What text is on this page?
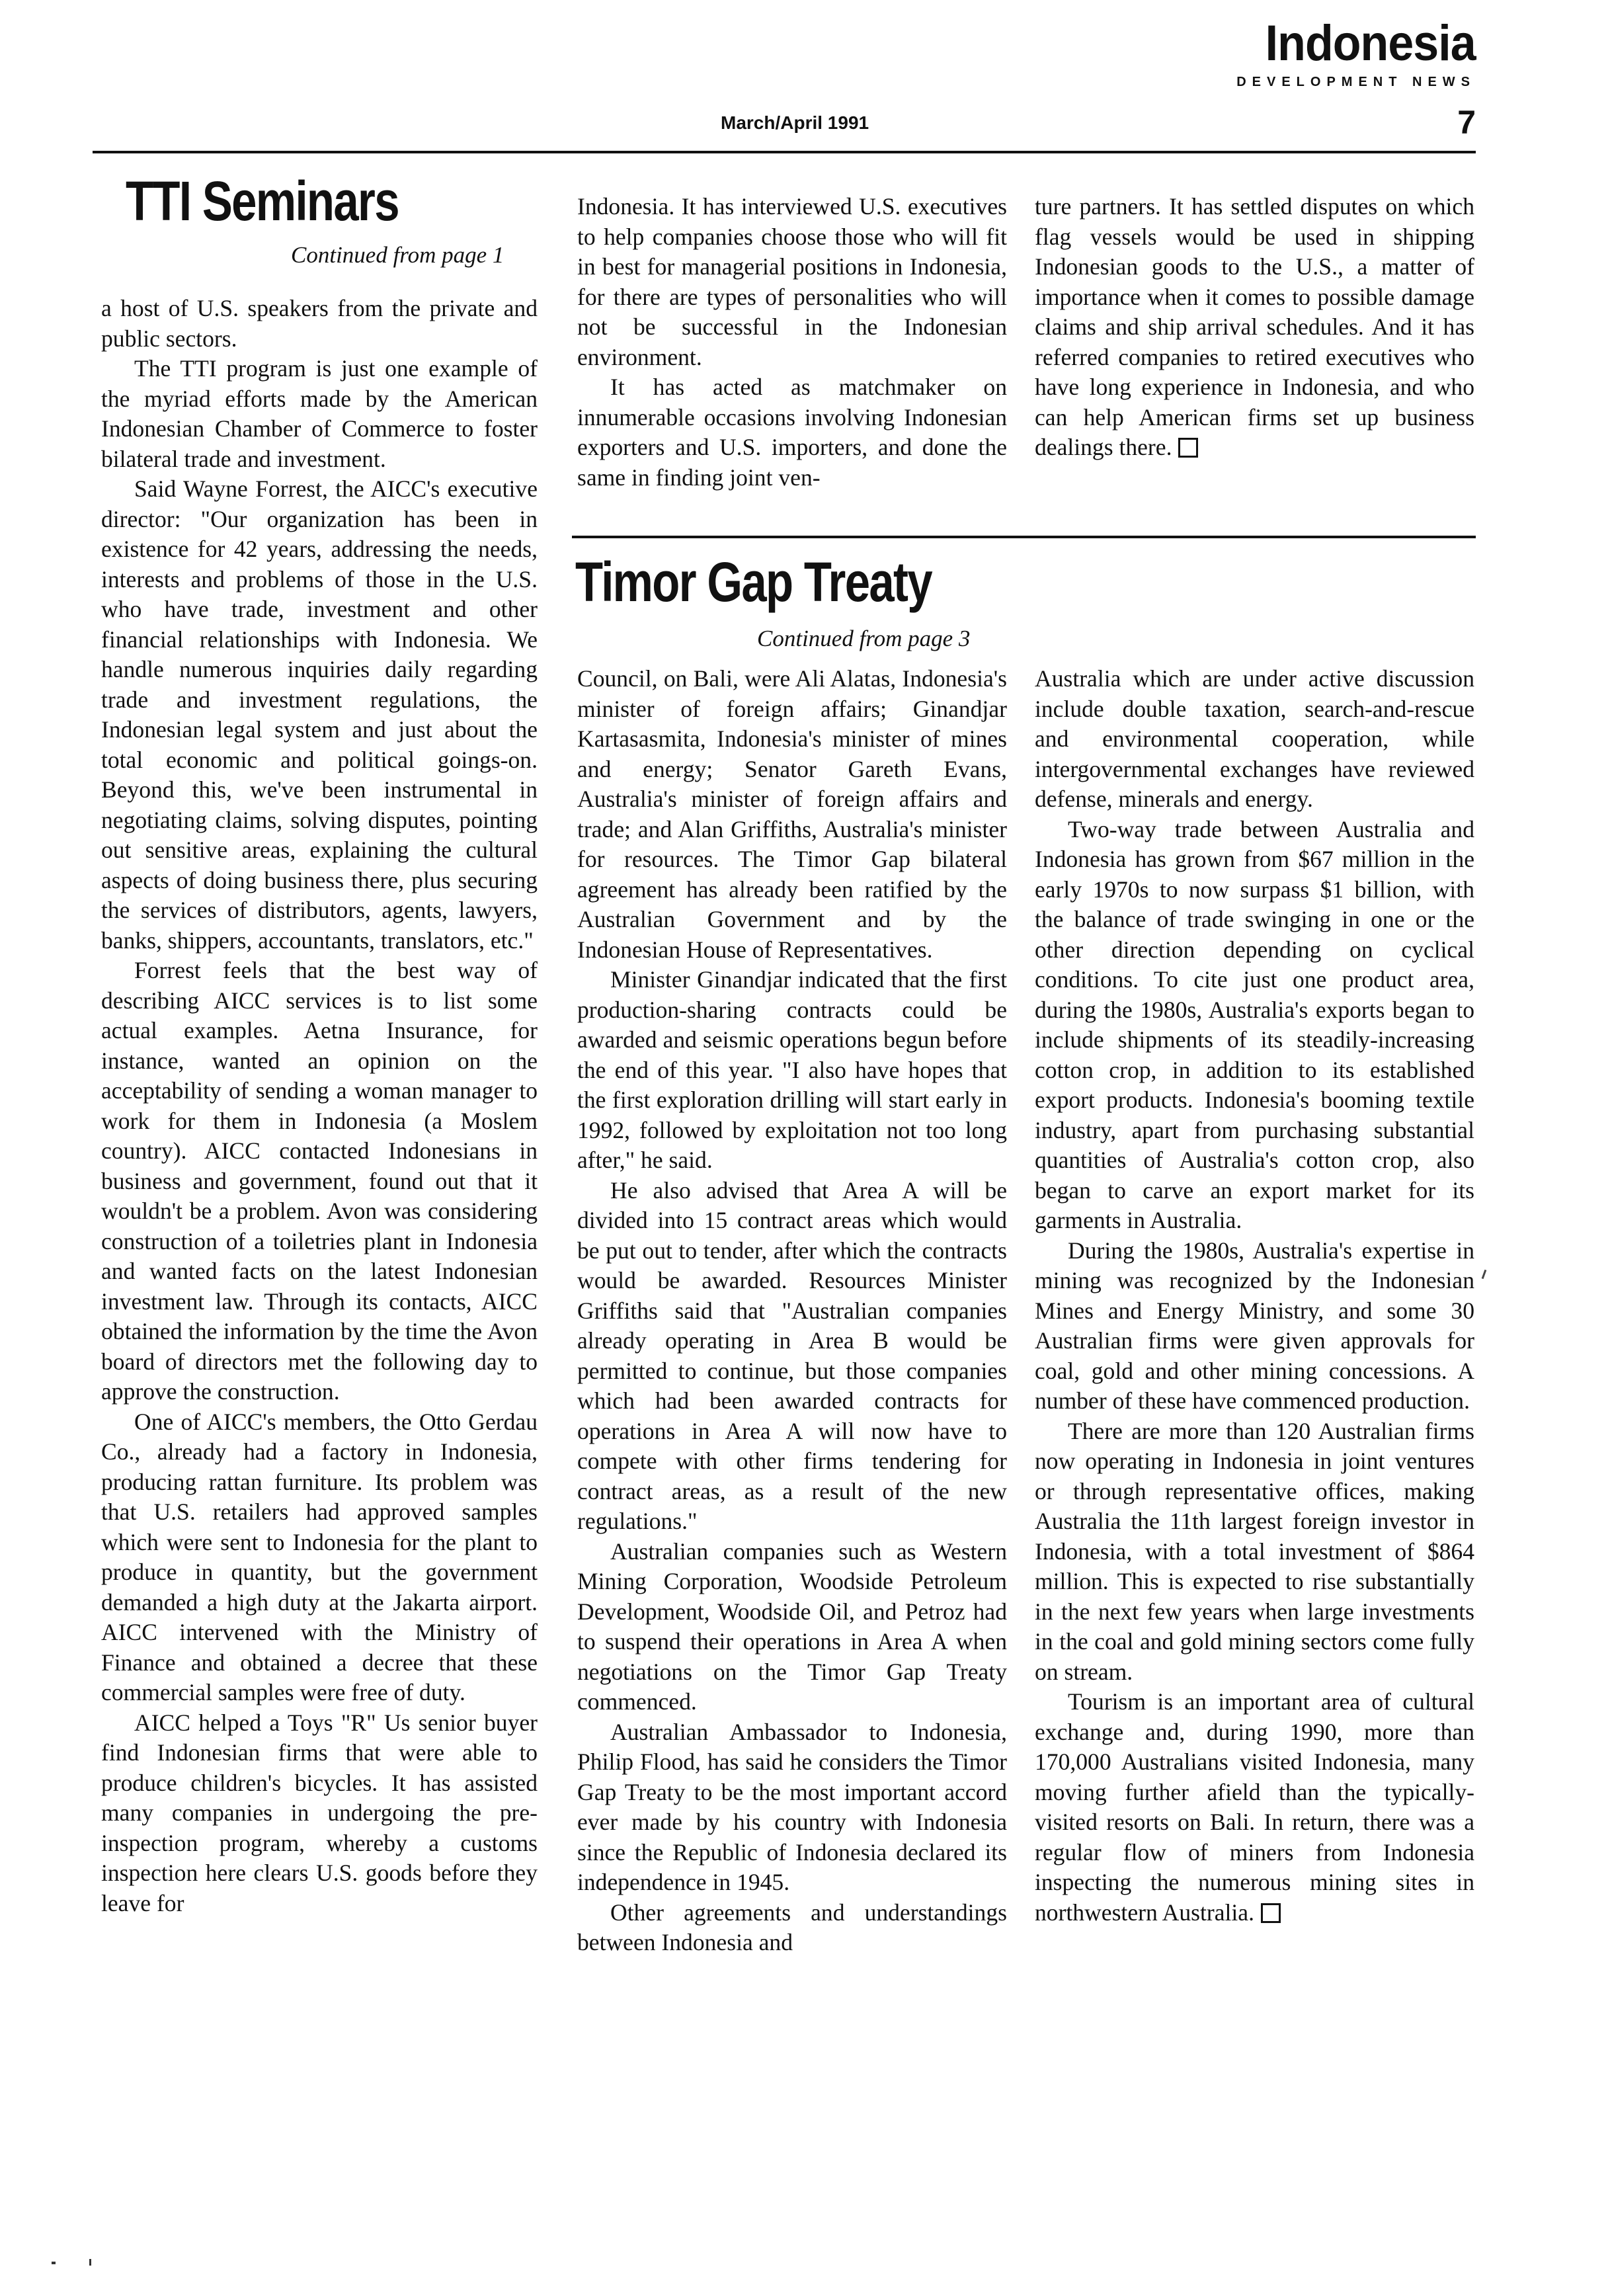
Indonesia
DEVELOPMENT NEWS
March/April 1991	7
TTI Seminars
Continued from page 1

a host of U.S. speakers from the private and public sectors.

The TTI program is just one example of the myriad efforts made by the American Indonesian Chamber of Commerce to foster bilateral trade and investment.

Said Wayne Forrest, the AICC's executive director: "Our organization has been in existence for 42 years, addressing the needs, interests and problems of those in the U.S. who have trade, investment and other financial relationships with Indonesia. We handle numerous inquiries daily regarding trade and investment regulations, the Indonesian legal system and just about the total economic and political goings-on. Beyond this, we've been instrumental in negotiating claims, solving disputes, pointing out sensitive areas, explaining the cultural aspects of doing business there, plus securing the services of distributors, agents, lawyers, banks, shippers, accountants, translators, etc."

Forrest feels that the best way of describing AICC services is to list some actual examples. Aetna Insurance, for instance, wanted an opinion on the acceptability of sending a woman manager to work for them in Indonesia (a Moslem country). AICC contacted Indonesians in business and government, found out that it wouldn't be a problem. Avon was considering construction of a toiletries plant in Indonesia and wanted facts on the latest Indonesian investment law. Through its contacts, AICC obtained the information by the time the Avon board of directors met the following day to approve the construction.

One of AICC's members, the Otto Gerdau Co., already had a factory in Indonesia, producing rattan furniture. Its problem was that U.S. retailers had approved samples which were sent to Indonesia for the plant to produce in quantity, but the government demanded a high duty at the Jakarta airport. AICC intervened with the Ministry of Finance and obtained a decree that these commercial samples were free of duty.

AICC helped a Toys "R" Us senior buyer find Indonesian firms that were able to produce children's bicycles. It has assisted many companies in undergoing the pre-inspection program, whereby a customs inspection here clears U.S. goods before they leave for

Indonesia. It has interviewed U.S. executives to help companies choose those who will fit in best for managerial positions in Indonesia, for there are types of personalities who will not be successful in the Indonesian environment.

It has acted as matchmaker on innumerable occasions involving Indonesian exporters and U.S. importers, and done the same in finding joint ven-

ture partners. It has settled disputes on which flag vessels would be used in shipping Indonesian goods to the U.S., a matter of importance when it comes to possible damage claims and ship arrival schedules. And it has referred companies to retired executives who have long experience in Indonesia, and who can help American firms set up business dealings there.

Timor Gap Treaty
Continued from page 3

Council, on Bali, were Ali Alatas, Indonesia's minister of foreign affairs; Ginandjar Kartasasmita, Indonesia's minister of mines and energy; Senator Gareth Evans, Australia's minister of foreign affairs and trade; and Alan Griffiths, Australia's minister for resources. The Timor Gap bilateral agreement has already been ratified by the Australian Government and by the Indonesian House of Representatives.

Minister Ginandjar indicated that the first production-sharing contracts could be awarded and seismic operations begun before the end of this year. "I also have hopes that the first exploration drilling will start early in 1992, followed by exploitation not too long after," he said.

He also advised that Area A will be divided into 15 contract areas which would be put out to tender, after which the contracts would be awarded. Resources Minister Griffiths said that "Australian companies already operating in Area B would be permitted to continue, but those companies which had been awarded contracts for operations in Area A will now have to compete with other firms tendering for contract areas, as a result of the new regulations."

Australian companies such as Western Mining Corporation, Woodside Petroleum Development, Woodside Oil, and Petroz had to suspend their operations in Area A when negotiations on the Timor Gap Treaty commenced.

Australian Ambassador to Indonesia, Philip Flood, has said he considers the Timor Gap Treaty to be the most important accord ever made by his country with Indonesia since the Republic of Indonesia declared its independence in 1945.

Other agreements and understandings between Indonesia and

Australia which are under active discussion include double taxation, search-and-rescue and environmental cooperation, while intergovernmental exchanges have reviewed defense, minerals and energy.

Two-way trade between Australia and Indonesia has grown from $67 million in the early 1970s to now surpass $1 billion, with the balance of trade swinging in one or the other direction depending on cyclical conditions. To cite just one product area, during the 1980s, Australia's exports began to include shipments of its steadily-increasing cotton crop, in addition to its established export products. Indonesia's booming textile industry, apart from purchasing substantial quantities of Australia's cotton crop, also began to carve an export market for its garments in Australia.

During the 1980s, Australia's expertise in mining was recognized by the Indonesian Mines and Energy Ministry, and some 30 Australian firms were given approvals for coal, gold and other mining concessions. A number of these have commenced production.

There are more than 120 Australian firms now operating in Indonesia in joint ventures or through representative offices, making Australia the 11th largest foreign investor in Indonesia, with a total investment of $864 million. This is expected to rise substantially in the next few years when large investments in the coal and gold mining sectors come fully on stream.

Tourism is an important area of cultural exchange and, during 1990, more than 170,000 Australians visited Indonesia, many moving further afield than the typically-visited resorts on Bali. In return, there was a regular flow of miners from Indonesia inspecting the numerous mining sites in northwestern Australia.
